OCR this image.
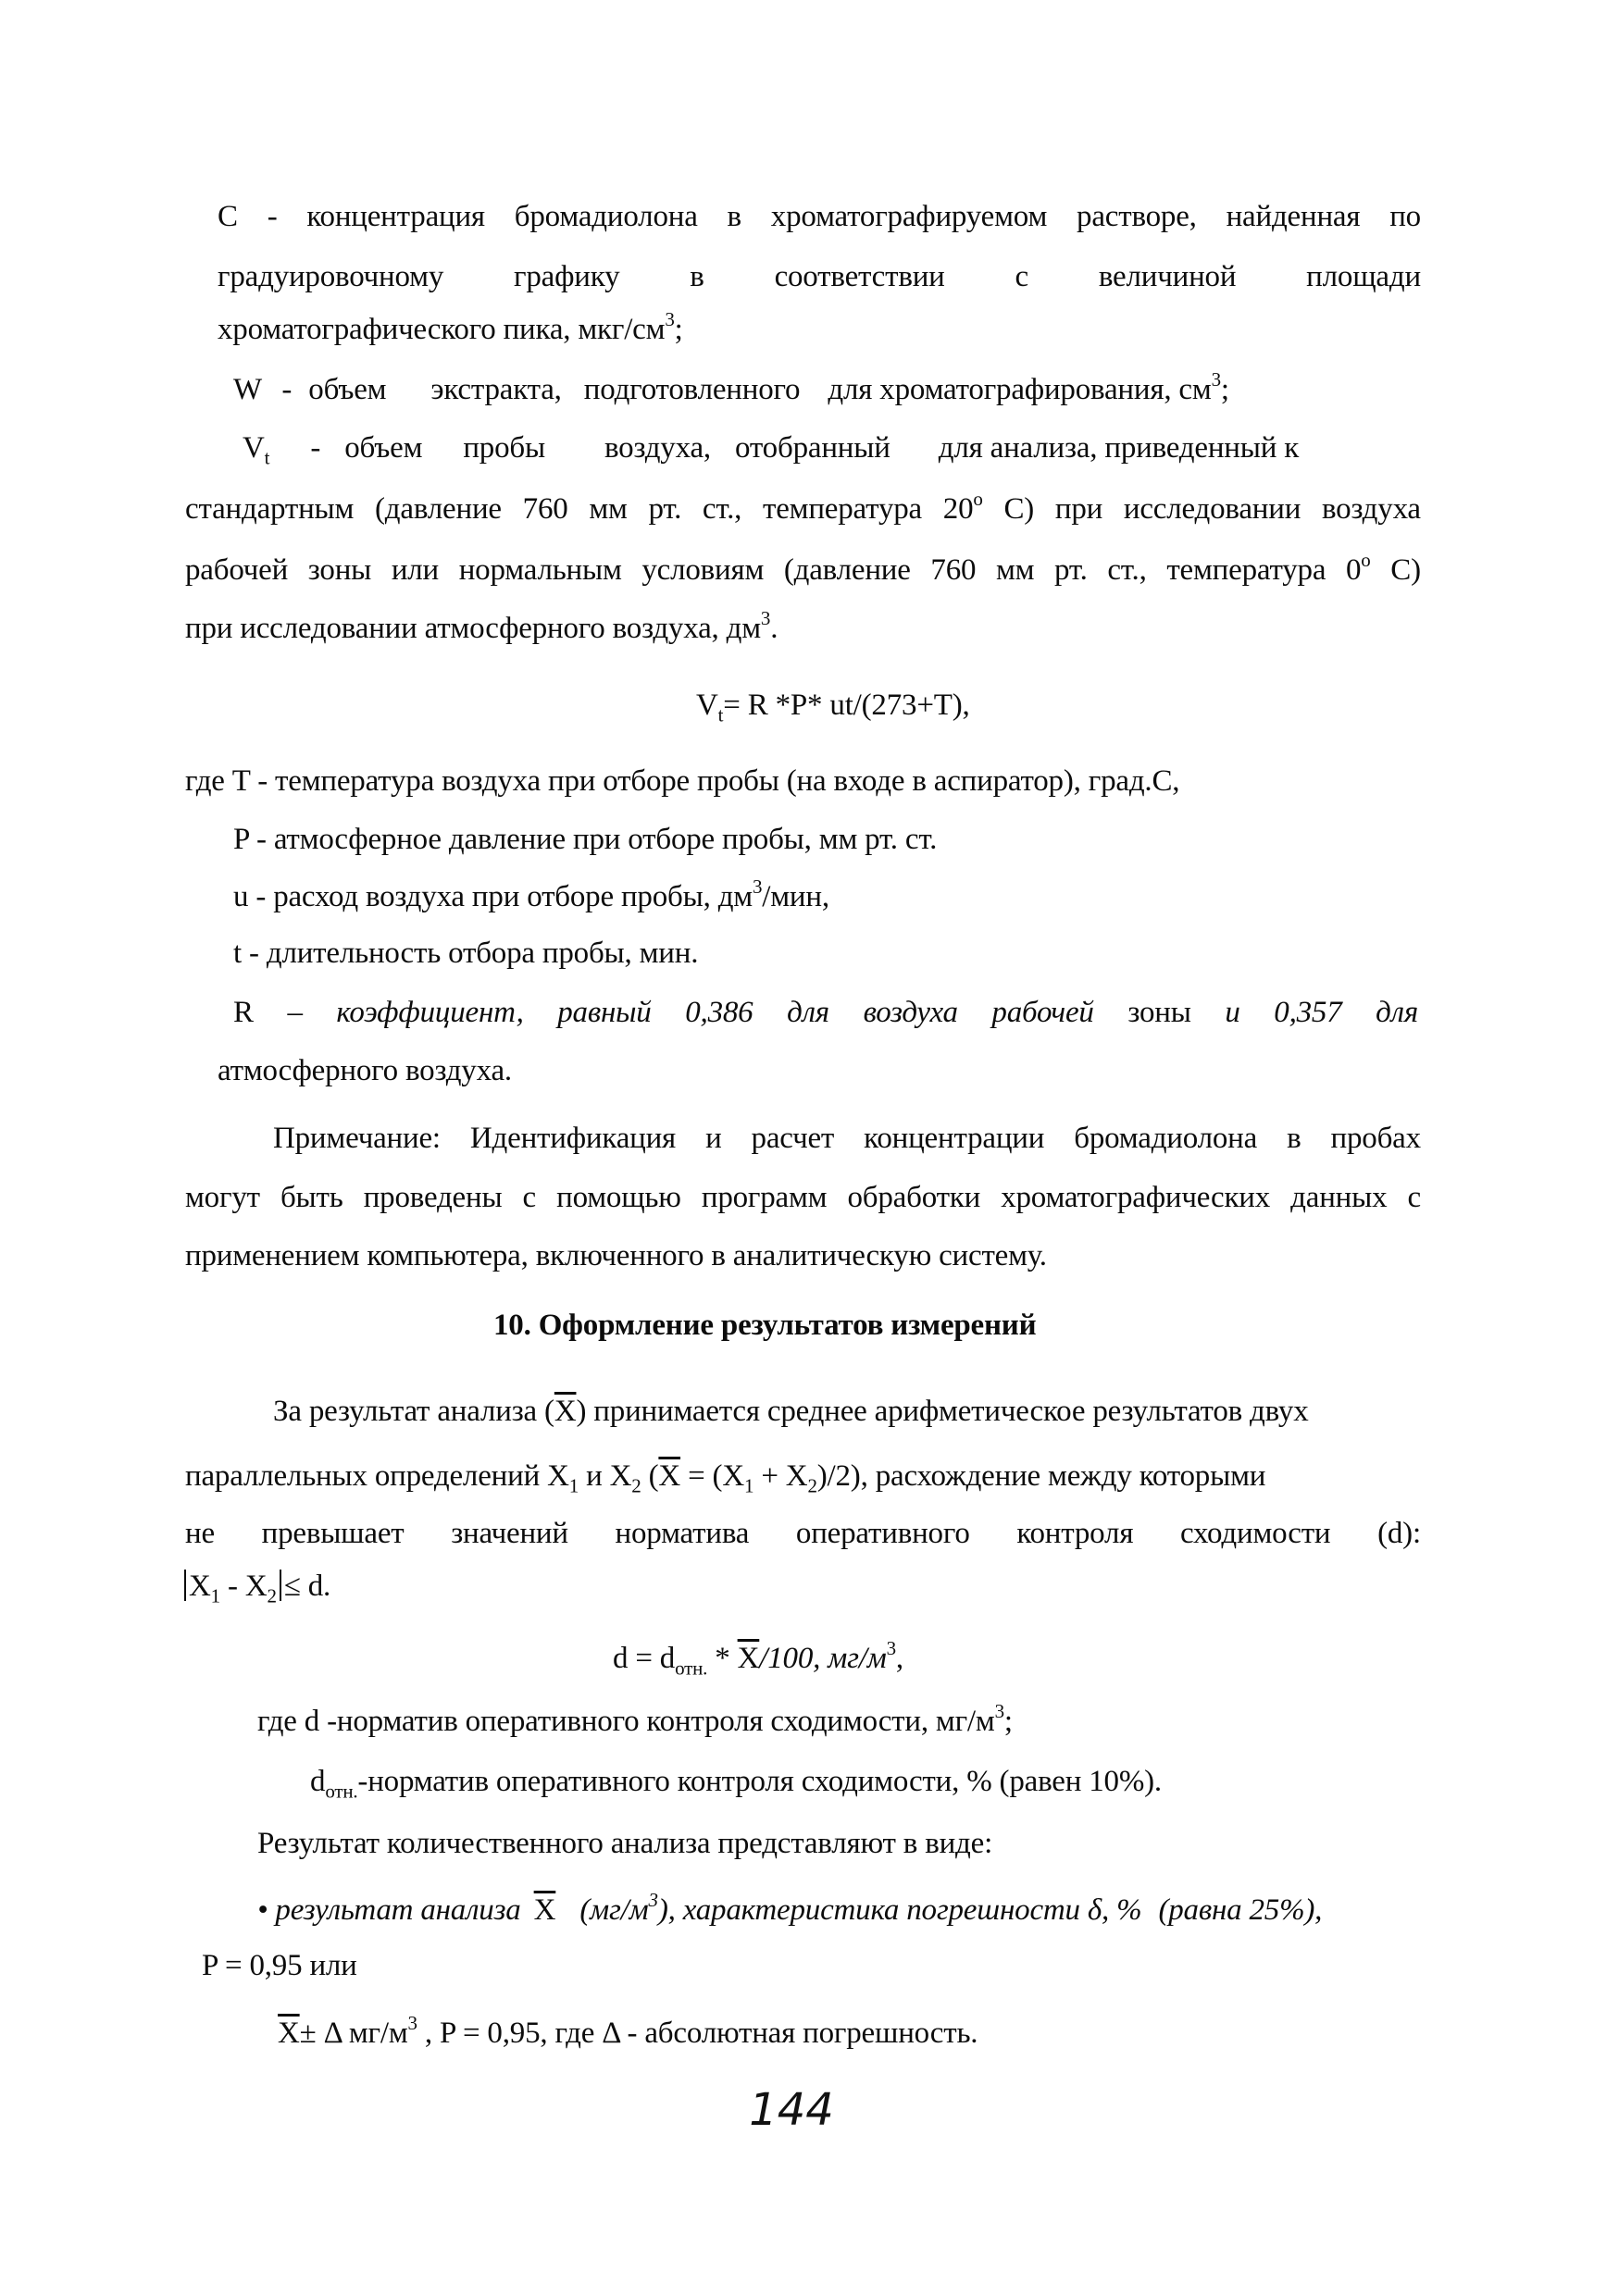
C - концентрация бромадиолона в хроматографируемом растворе, найденная по
градуировочному графику в соответствии с величиной площади
хроматографического пика, мкг/$см^3$;
W - объем экстракта, подготовленного для хроматографирования, $см^3$;
$V_t$ - объем пробы воздуха, отобранный для анализа, приведенный к
стандартным (давление 760 мм рт. ст., температура 20$^o$ С) при исследовании воздуха
рабочей зоны или нормальным условиям (давление 760 мм рт. ст., температура 0$^o$ С)
при исследовании атмосферного воздуха, $дм^3$.
$V_t= R$ *P* ut/(273+T),
где T - температура воздуха при отборе пробы (на входе в аспиратор), град.С,
P - атмосферное давление при отборе пробы, мм рт. ст.
u - расход воздуха при отборе пробы, $дм^3$/мин,
t - длительность отбора пробы, мин.
R – коэффициент, равный 0,386 для воздуха рабочей зоны и 0,357 для
атмосферного воздуха.
Примечание: Идентификация и расчет концентрации бромадиолона в пробах
могут быть проведены с помощью программ обработки хроматографических данных с
применением компьютера, включенного в аналитическую систему.
10. Оформление результатов измерений
За результат анализа $(\overline{X})$ принимается среднее арифметическое результатов двух
параллельных определений $X_1$ и $X_2$ $(\overline{X} = (X_1 + X_2)/2)$, расхождение между которыми
не превышает значений норматива оперативного контроля сходимости (d):
$X_1 - X_2 \le d$.
$d = d_{отн.} * \overline{X}/100$, $мг/м^3$,
где d -норматив оперативного контроля сходимости, $мг/м^3$;
$d_{отн.}$-норматив оперативного контроля сходимости, % (равен 10%).
Результат количественного анализа представляют в виде:
• результат анализа $\overline{X}$ $(мг/м^3)$, характеристика погрешности δ, % (равна 25%),
P = 0,95 или
$\overline{X}\pm \Delta$ $мг/м^3$ , P = 0,95, где Δ - абсолютная погрешность.
144
